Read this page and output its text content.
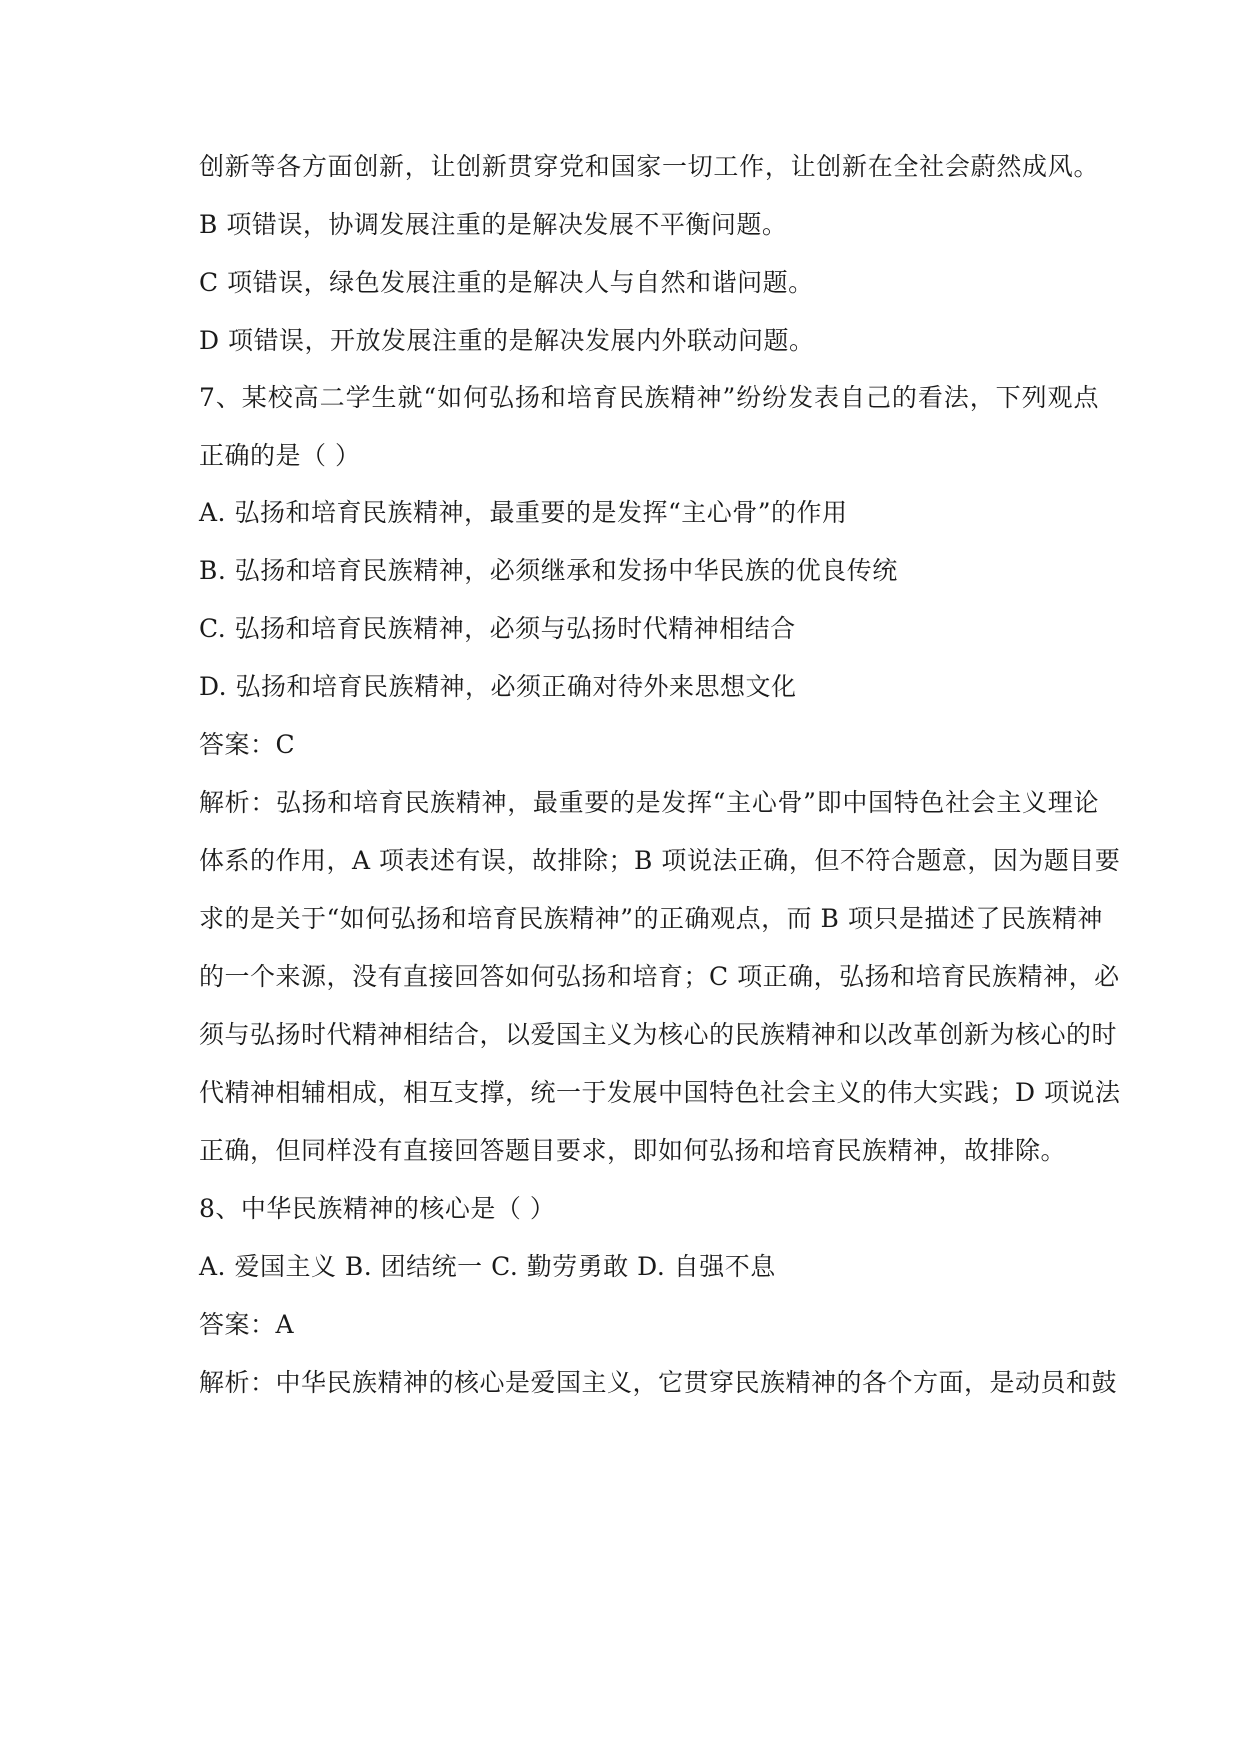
创新等各方面创新，让创新贯穿党和国家一切工作，让创新在全社会蔚然成风。
B 项错误，协调发展注重的是解决发展不平衡问题。
C 项错误，绿色发展注重的是解决人与自然和谐问题。
D 项错误，开放发展注重的是解决发展内外联动问题。
7、某校高二学生就“如何弘扬和培育民族精神”纷纷发表自己的看法，下列观点
正确的是（ ）
A. 弘扬和培育民族精神，最重要的是发挥“主心骨”的作用
B. 弘扬和培育民族精神，必须继承和发扬中华民族的优良传统
C. 弘扬和培育民族精神，必须与弘扬时代精神相结合
D. 弘扬和培育民族精神，必须正确对待外来思想文化
答案：C
解析：弘扬和培育民族精神，最重要的是发挥“主心骨”即中国特色社会主义理论
体系的作用，A 项表述有误，故排除；B 项说法正确，但不符合题意，因为题目要
求的是关于“如何弘扬和培育民族精神”的正确观点，而 B 项只是描述了民族精神
的一个来源，没有直接回答如何弘扬和培育；C 项正确，弘扬和培育民族精神，必
须与弘扬时代精神相结合，以爱国主义为核心的民族精神和以改革创新为核心的时
代精神相辅相成，相互支撑，统一于发展中国特色社会主义的伟大实践；D 项说法
正确，但同样没有直接回答题目要求，即如何弘扬和培育民族精神，故排除。
8、中华民族精神的核心是（ ）
A. 爱国主义 B. 团结统一 C. 勤劳勇敢 D. 自强不息
答案：A
解析：中华民族精神的核心是爱国主义，它贯穿民族精神的各个方面，是动员和鼓
